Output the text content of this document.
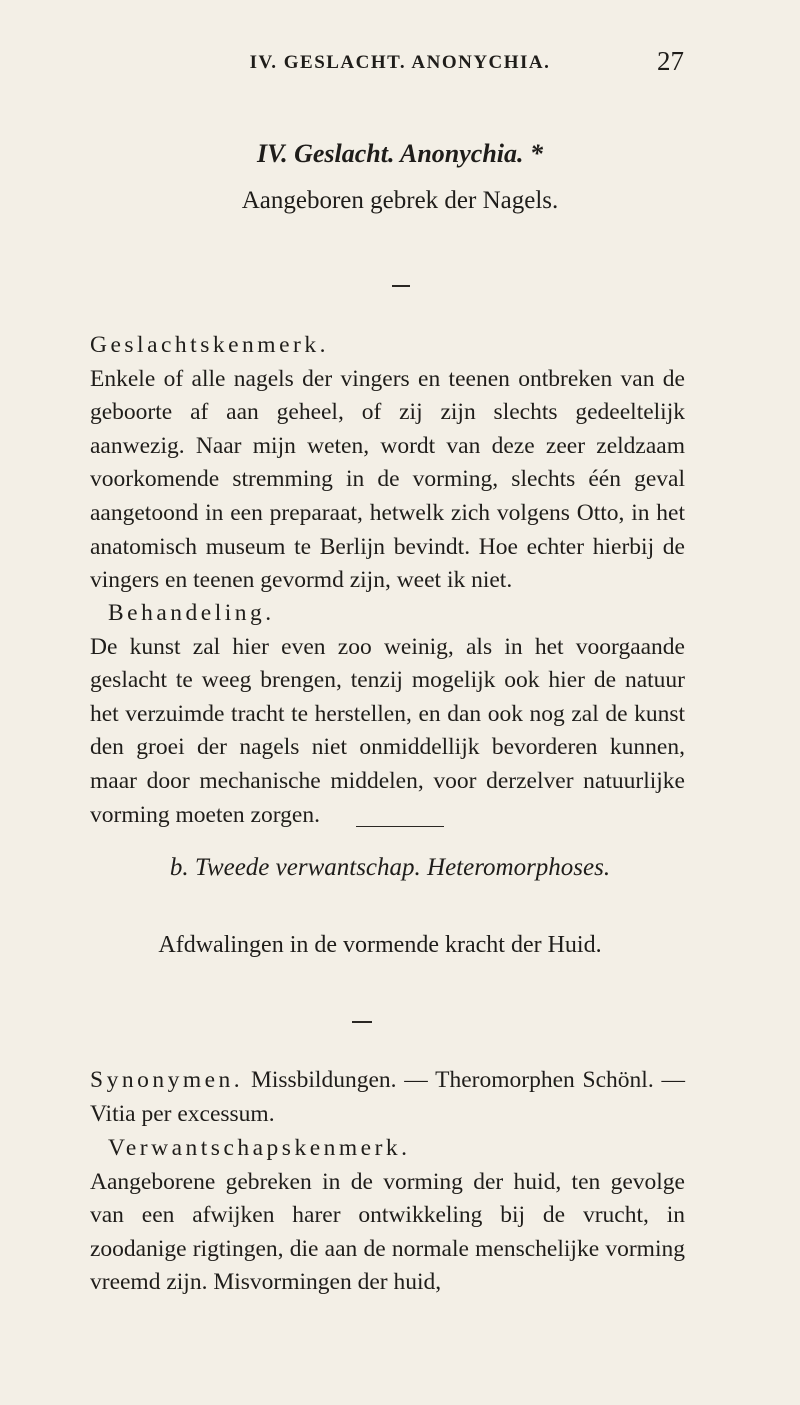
IV. GESLACHT. ANONYCHIA.	27
IV. Geslacht. Anonychia. *
Aangeboren gebrek der Nagels.

Geslachtskenmerk.
Enkele of alle nagels der vingers en teenen ontbreken van de geboorte af aan geheel, of zij zijn slechts gedeeltelijk aanwezig. Naar mijn weten, wordt van deze zeer zeldzaam voorkomende stremming in de vorming, slechts één geval aangetoond in een preparaat, hetwelk zich volgens Otto, in het anatomisch museum te Berlijn bevindt. Hoe echter hierbij de vingers en teenen gevormd zijn, weet ik niet.

Behandeling.
De kunst zal hier even zoo weinig, als in het voorgaande geslacht te weeg brengen, tenzij mogelijk ook hier de natuur het verzuimde tracht te herstellen, en dan ook nog zal de kunst den groei der nagels niet onmiddellijk bevorderen kunnen, maar door mechanische middelen, voor derzelver natuurlijke vorming moeten zorgen.

b. Tweede verwantschap. Heteromorphoses.
Afdwalingen in de vormende kracht der Huid.

Synonymen. Missbildungen. — Theromorphen Schönl. — Vitia per excessum.

Verwantschapskenmerk.
Aangeborene gebreken in de vorming der huid, ten gevolge van een afwijken harer ontwikkeling bij de vrucht, in zoodanige rigtingen, die aan de normale menschelijke vorming vreemd zijn. Misvormingen der huid,
